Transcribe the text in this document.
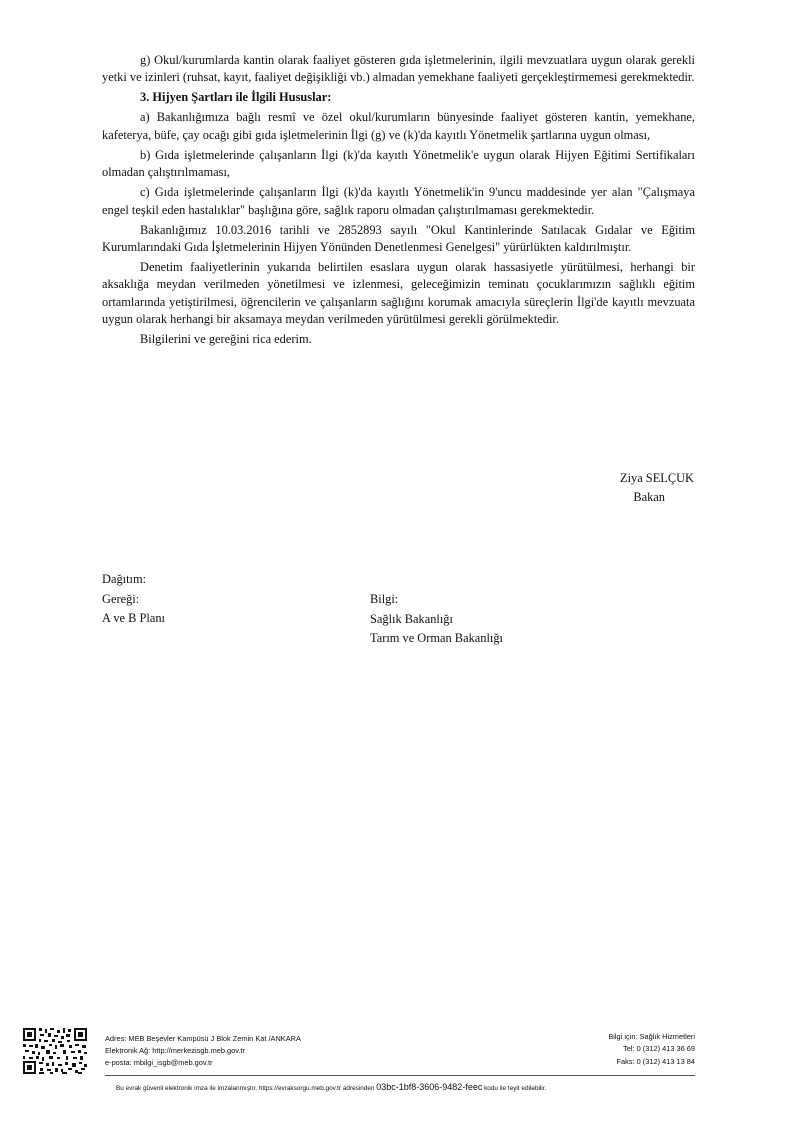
g) Okul/kurumlarda kantin olarak faaliyet gösteren gıda işletmelerinin, ilgili mevzuatlara uygun olarak gerekli yetki ve izinleri (ruhsat, kayıt, faaliyet değişikliği vb.) almadan yemekhane faaliyeti gerçekleştirmemesi gerekmektedir.

3. Hijyen Şartları ile İlgili Hususlar:

a) Bakanlığımıza bağlı resmî ve özel okul/kurumların bünyesinde faaliyet gösteren kantin, yemekhane, kafeterya, büfe, çay ocağı gibi gıda işletmelerinin İlgi (g) ve (k)'da kayıtlı Yönetmelik şartlarına uygun olması,

b) Gıda işletmelerinde çalışanların İlgi (k)'da kayıtlı Yönetmelik'e uygun olarak Hijyen Eğitimi Sertifikaları olmadan çalıştırılmaması,

c) Gıda işletmelerinde çalışanların İlgi (k)'da kayıtlı Yönetmelik'in 9'uncu maddesinde yer alan "Çalışmaya engel teşkil eden hastalıklar" başlığına göre, sağlık raporu olmadan çalıştırılmaması gerekmektedir.

Bakanlığımız 10.03.2016 tarihli ve 2852893 sayılı "Okul Kantinlerinde Satılacak Gıdalar ve Eğitim Kurumlarındaki Gıda İşletmelerinin Hijyen Yönünden Denetlenmesi Genelgesi" yürürlükten kaldırılmıştır.

Denetim faaliyetlerinin yukarıda belirtilen esaslara uygun olarak hassasiyetle yürütülmesi, herhangi bir aksaklığa meydan verilmeden yönetilmesi ve izlenmesi, geleceğimizin teminatı çocuklarımızın sağlıklı eğitim ortamlarında yetiştirilmesi, öğrencilerin ve çalışanların sağlığını korumak amacıyla süreçlerin İlgi'de kayıtlı mevzuata uygun olarak herhangi bir aksamaya meydan verilmeden yürütülmesi gerekli görülmektedir.

Bilgilerini ve gereğini rica ederim.

Ziya SELÇUK
Bakan
Dağıtım:
Gereği:
A ve B Planı
Bilgi:
Sağlık Bakanlığı
Tarım ve Orman Bakanlığı
Adres: MEB Beşevler Kampüsü J Blok Zemin Kat /ANKARA
Elektronik Ağ: http://merkezisgb.meb.gov.tr
e-posta: mbilgi_isgb@meb.gov.tr
Bilgi için: Sağlık Hizmetleri
Tel: 0 (312) 413 36 69
Faks: 0 (312) 413 13 84
Bu evrak güvenli elektronik imza ile imzalanmıştır. https://evraksorgu.meb.gov.tr adresinden 03bc-1bf8-3606-9482-feec kodu ile teyit edilebilir.
